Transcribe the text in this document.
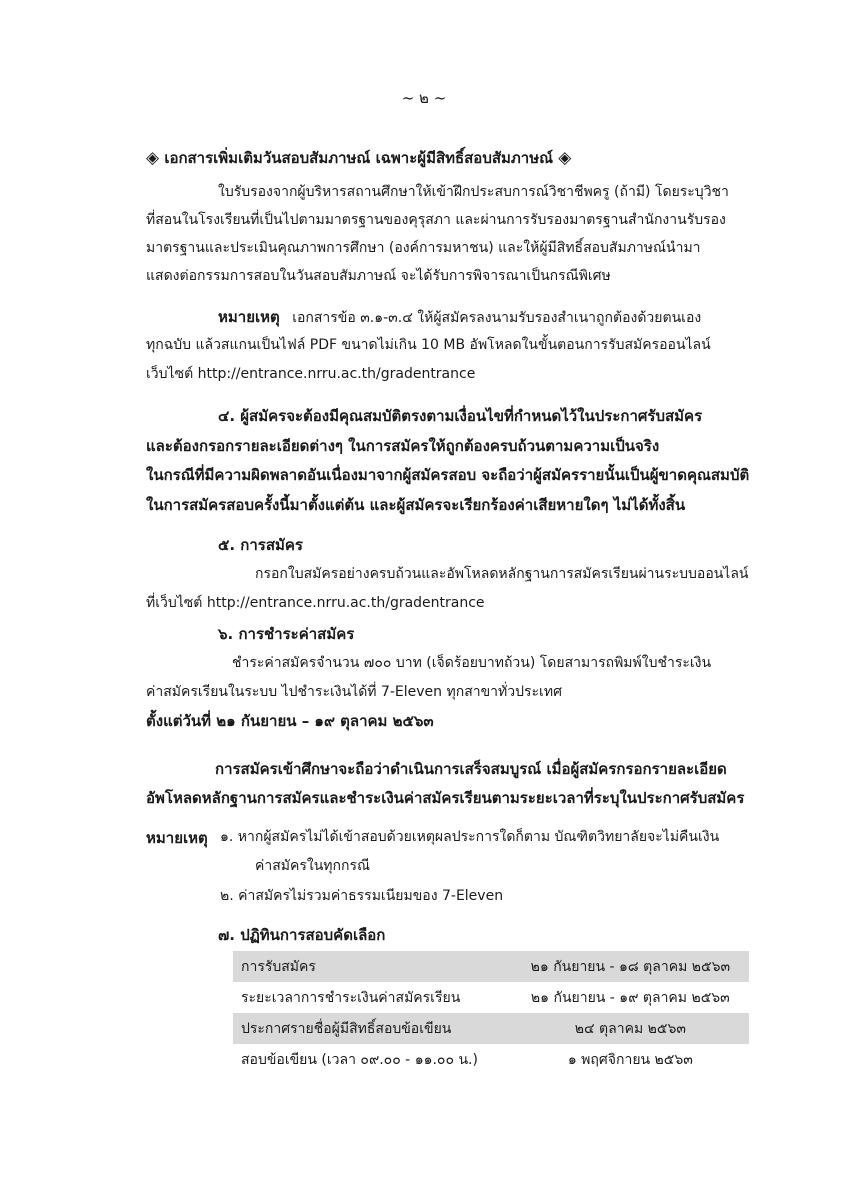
~ ๒ ~
◈ เอกสารเพิ่มเติมวันสอบสัมภาษณ์ เฉพาะผู้มีสิทธิ์สอบสัมภาษณ์ ◈
ใบรับรองจากผู้บริหารสถานศึกษาให้เข้าฝึกประสบการณ์วิชาชีพครู (ถ้ามี) โดยระบุวิชา
ที่สอนในโรงเรียนที่เป็นไปตามมาตรฐานของคุรุสภา และผ่านการรับรองมาตรฐานสำนักงานรับรอง
มาตรฐานและประเมินคุณภาพการศึกษา (องค์การมหาชน) และให้ผู้มีสิทธิ์สอบสัมภาษณ์นำมา
แสดงต่อกรรมการสอบในวันสอบสัมภาษณ์ จะได้รับการพิจารณาเป็นกรณีพิเศษ
หมายเหตุ เอกสารข้อ ๓.๑-๓.๔ ให้ผู้สมัครลงนามรับรองสำเนาถูกต้องด้วยตนเอง
ทุกฉบับ แล้วสแกนเป็นไฟล์ PDF ขนาดไม่เกิน 10 MB อัพโหลดในขั้นตอนการรับสมัครออนไลน์
เว็บไซต์ http://entrance.nrru.ac.th/gradentrance
๔. ผู้สมัครจะต้องมีคุณสมบัติตรงตามเงื่อนไขที่กำหนดไว้ในประกาศรับสมัคร
และต้องกรอกรายละเอียดต่างๆ ในการสมัครให้ถูกต้องครบถ้วนตามความเป็นจริง
ในกรณีที่มีความผิดพลาดอันเนื่องมาจากผู้สมัครสอบ จะถือว่าผู้สมัครรายนั้นเป็นผู้ขาดคุณสมบัติ
ในการสมัครสอบครั้งนี้มาตั้งแต่ต้น และผู้สมัครจะเรียกร้องค่าเสียหายใดๆ ไม่ได้ทั้งสิ้น
๕. การสมัคร
กรอกใบสมัครอย่างครบถ้วนและอัพโหลดหลักฐานการสมัครเรียนผ่านระบบออนไลน์
ที่เว็บไซต์ http://entrance.nrru.ac.th/gradentrance
๖. การชำระค่าสมัคร
ชำระค่าสมัครจำนวน ๗๐๐ บาท (เจ็ดร้อยบาทถ้วน) โดยสามารถพิมพ์ใบชำระเงิน
ค่าสมัครเรียนในระบบ ไปชำระเงินได้ที่ 7-Eleven ทุกสาขาทั่วประเทศ
ตั้งแต่วันที่ ๒๑ กันยายน – ๑๙ ตุลาคม ๒๕๖๓
การสมัครเข้าศึกษาจะถือว่าดำเนินการเสร็จสมบูรณ์ เมื่อผู้สมัครกรอกรายละเอียด
อัพโหลดหลักฐานการสมัครและชำระเงินค่าสมัครเรียนตามระยะเวลาที่ระบุในประกาศรับสมัคร
หมายเหตุ ๑. หากผู้สมัครไม่ได้เข้าสอบด้วยเหตุผลประการใดก็ตาม บัณฑิตวิทยาลัยจะไม่คืนเงิน
ค่าสมัครในทุกกรณี
๒. ค่าสมัครไม่รวมค่าธรรมเนียมของ 7-Eleven
๗. ปฏิทินการสอบคัดเลือก
การรับสมัคร	๒๑ กันยายน - ๑๘ ตุลาคม ๒๕๖๓
ระยะเวลาการชำระเงินค่าสมัครเรียน	๒๑ กันยายน - ๑๙ ตุลาคม ๒๕๖๓
ประกาศรายชื่อผู้มีสิทธิ์สอบข้อเขียน	๒๔ ตุลาคม ๒๕๖๓
สอบข้อเขียน (เวลา ๐๙.๐๐ - ๑๑.๐๐ น.)	๑ พฤศจิกายน ๒๕๖๓
